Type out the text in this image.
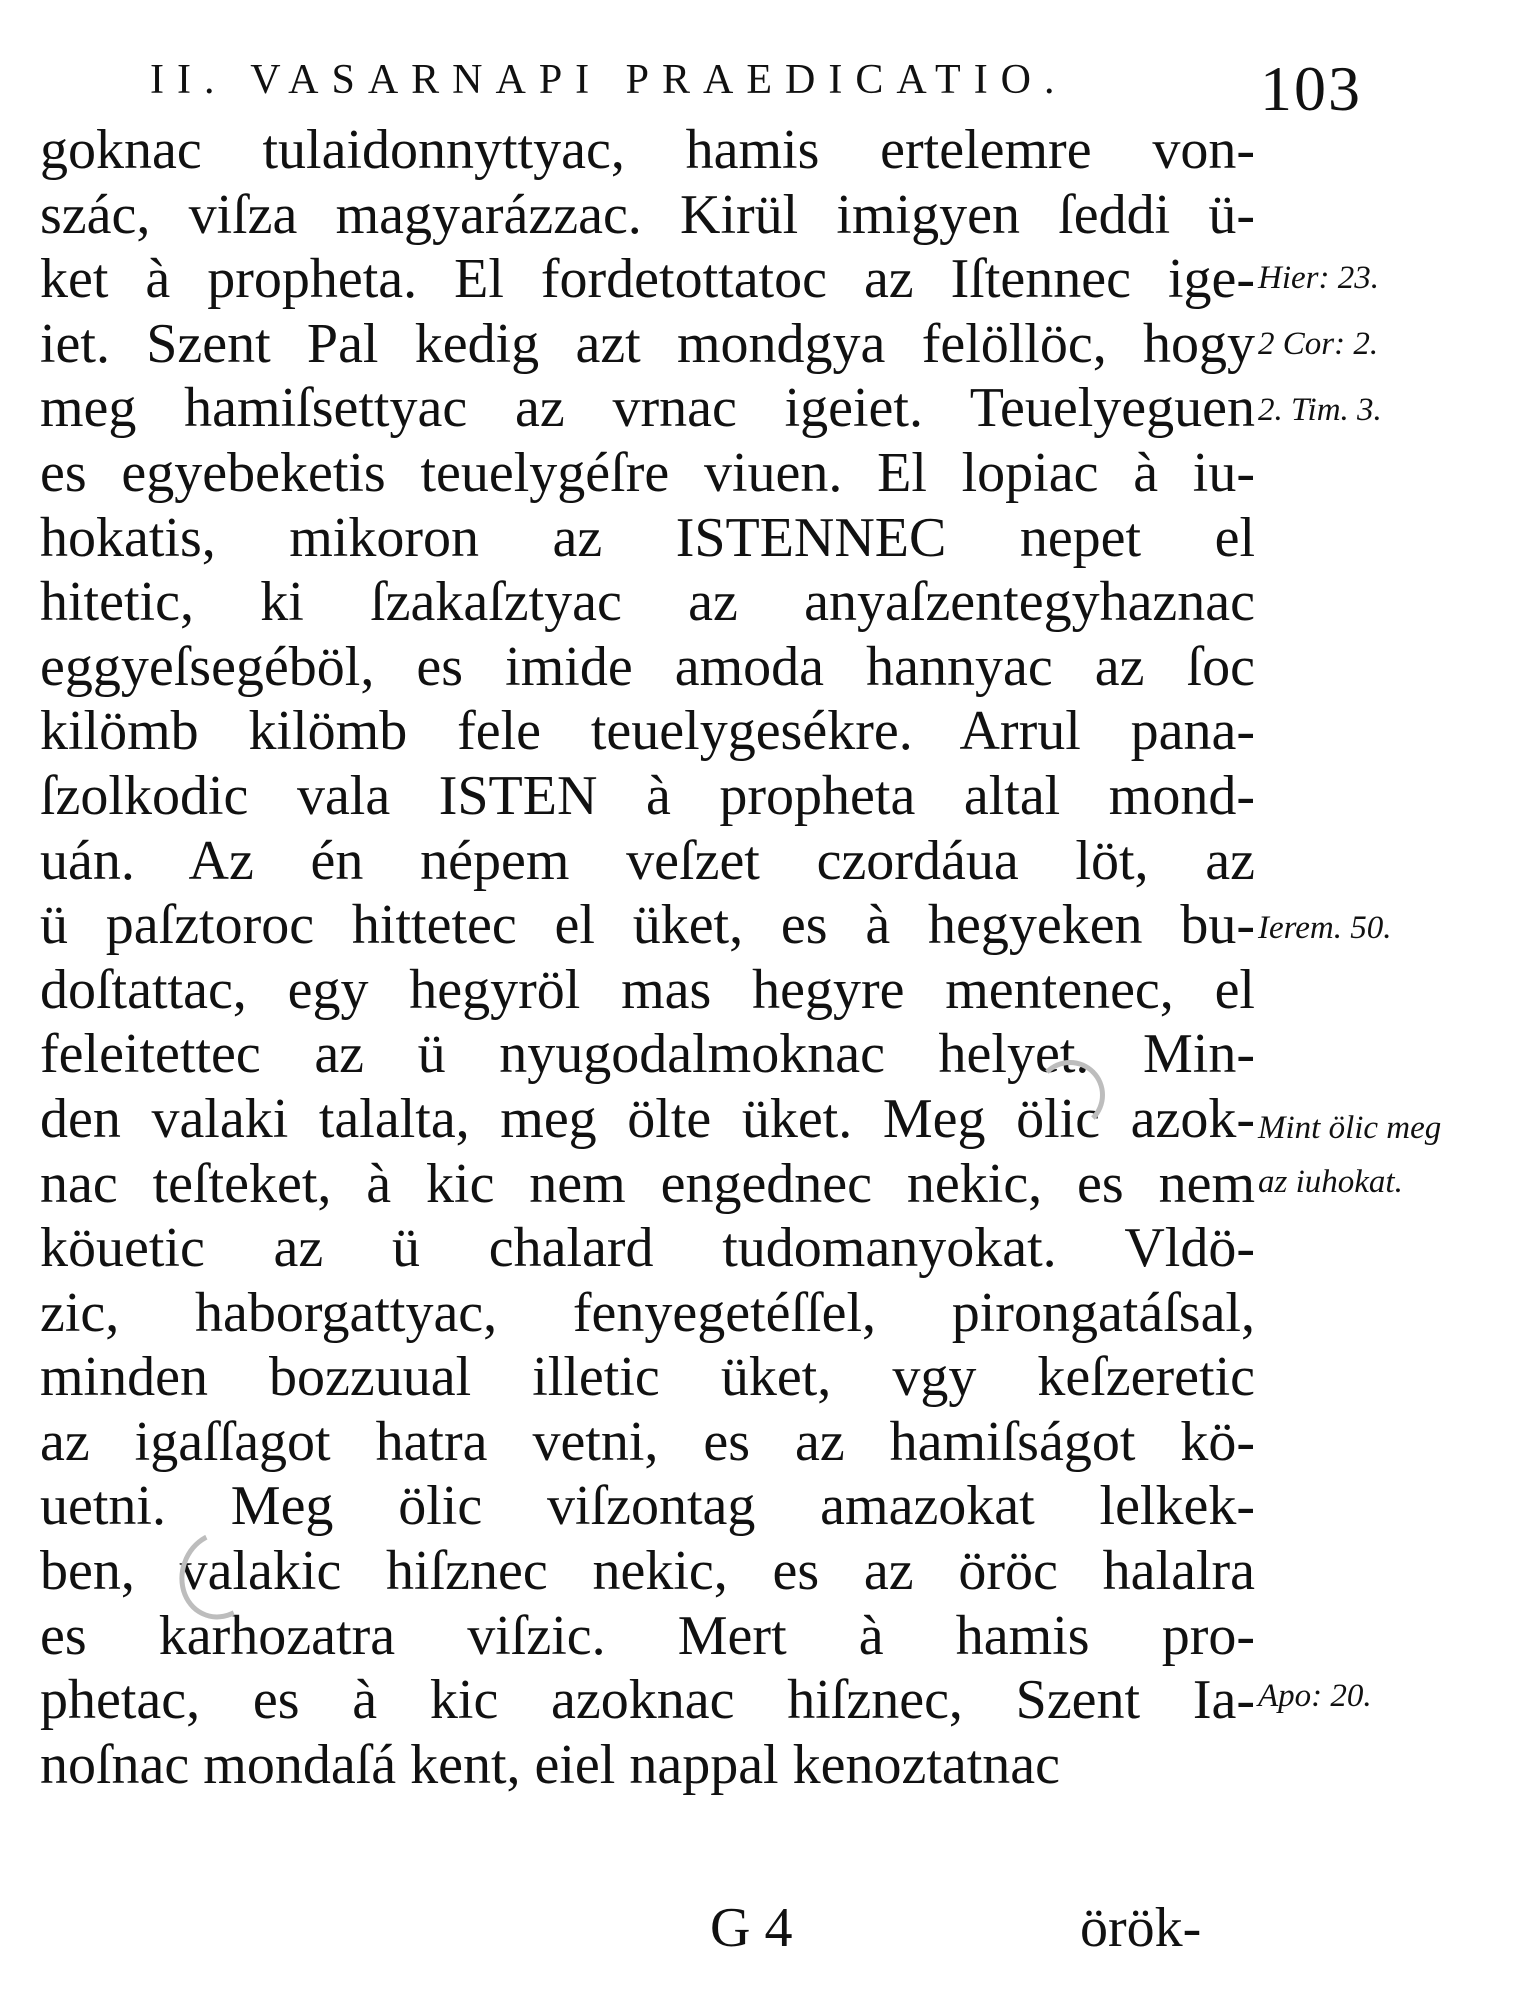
II. VASARNAPI PRAEDICATIO.	103
goknac tulaidonnyttyac, hamis ertelemre von-
szác, viſza magyarázzac. Kirül imigyen ſeddi ü-
ket à propheta. El fordetottatoc az Iſtennec ige-
iet. Szent Pal kedig azt mondgya felöllöc, hogy
meg hamiſsettyac az vrnac igeiet. Teuelyeguen
es egyebeketis teuelygéſre viuen. El lopiac à iu-
hokatis, mikoron az ISTENNEC nepet el
hitetic, ki ſzakaſztyac az anyaſzentegyhaznac
eggyeſsegéböl, es imide amoda hannyac az ſoc
kilömb kilömb fele teuelygesékre. Arrul pana-
ſzolkodic vala ISTEN à propheta altal mond-
uán. Az én népem veſzet czordáua löt, az
ü paſztoroc hittetec el üket, es à hegyeken bu-
doſtattac, egy hegyröl mas hegyre mentenec, el
feleitettec az ü nyugodalmoknac helyet. Min-
den valaki talalta, meg ölte üket. Meg ölic azok-
nac teſteket, à kic nem engednec nekic, es nem
köuetic az ü chalard tudomanyokat. Vldö-
zic, haborgattyac, fenyegetéſſel, pirongatáſsal,
minden bozzuual illetic üket, vgy keſzeretic
az igaſſagot hatra vetni, es az hamiſságot kö-
uetni. Meg ölic viſzontag amazokat lelkek-
ben, valakic hiſznec nekic, es az öröc halalra
es karhozatra viſzic. Mert à hamis pro-
phetac, es à kic azoknac hiſznec, Szent Ia-
noſnac mondaſá kent, eiel nappal kenoztatnac
Hier: 23.
2 Cor: 2.
2. Tim. 3.
Ierem. 50.
Mint ölic meg
az iuhokat.
Apo: 20.
G 4	örök-
